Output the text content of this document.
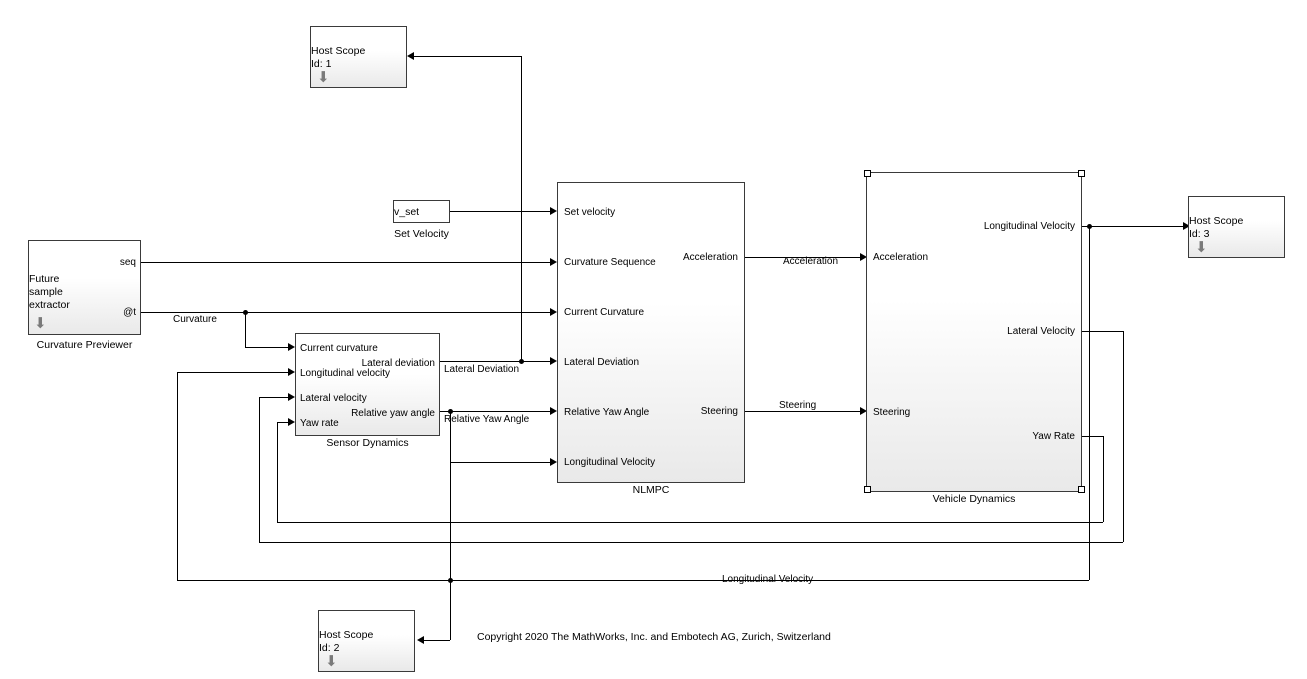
Host Scope
Id: 1
⬇
v_set
Set Velocity
Future
sample
extractor
⬇
seq
@t
Curvature Previewer	Current curvature
Longitudinal velocity
Lateral velocity
Yaw rate
Lateral deviation
Relative yaw angle
Sensor Dynamics
Set velocity
Curvature Sequence
Current Curvature
Lateral Deviation
Relative Yaw Angle
Longitudinal Velocity
Acceleration
Steering
NLMPC
Acceleration
Steering
Longitudinal Velocity
Lateral Velocity
Yaw Rate
Vehicle Dynamics
Host Scope
Id: 3
⬇
Host Scope
Id: 2
⬇
Curvature
Lateral Deviation
Relative Yaw Angle
Acceleration
Steering
Longitudinal Velocity
Copyright 2020 The MathWorks, Inc. and Embotech AG, Zurich, Switzerland
